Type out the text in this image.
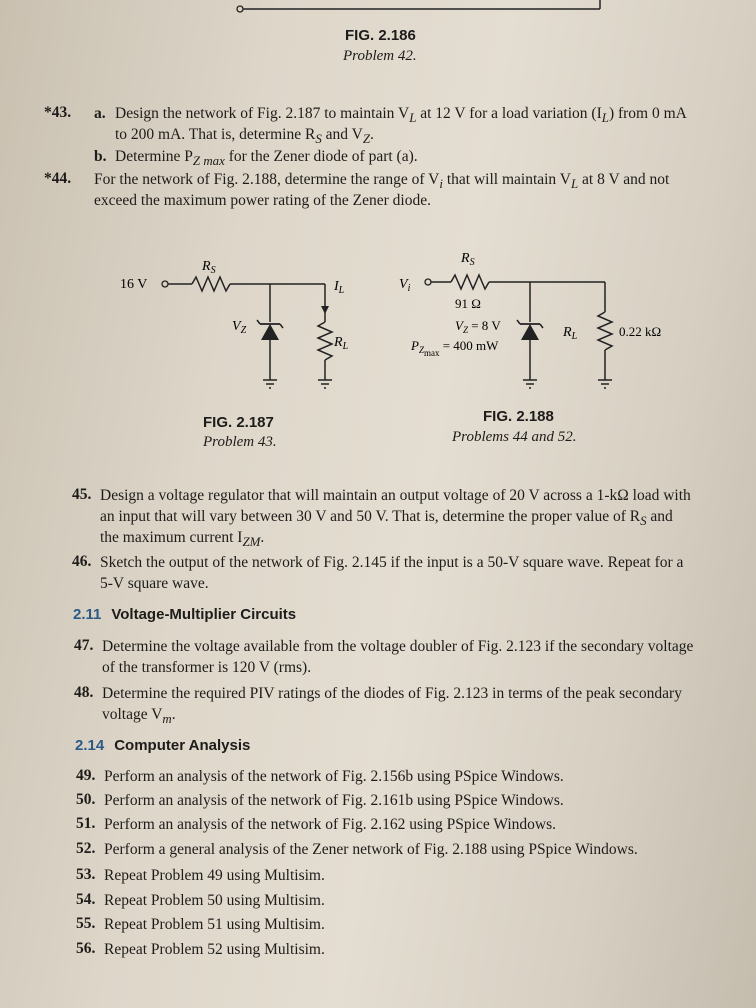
FIG. 2.186
Problem 42.
*43. a. Design the network of Fig. 2.187 to maintain $V_L$ at 12 V for a load variation $(I_L)$ from 0 mA
to 200 mA. That is, determine $R_S$ and $V_Z$.
b. Determine $P_{Z max}$ for the Zener diode of part (a).
*44. For the network of Fig. 2.188, determine the range of $V_i$ that will maintain $V_L$ at 8 V and not
exceed the maximum power rating of the Zener diode.
16 V
$R_S$
$V_Z$
$I_L$
$R_L$
$V_i$
$R_S$
91 Ω
$V_Z = 8$ V
$P_{Zmax} = 400$ mW
$R_L$	0.22 kΩ
FIG. 2.187
Problem 43.
FIG. 2.188
Problems 44 and 52.
45. Design a voltage regulator that will maintain an output voltage of 20 V across a 1-kΩ load with
an input that will vary between 30 V and 50 V. That is, determine the proper value of $R_S$ and
the maximum current $I_{ZM}$.
46. Sketch the output of the network of Fig. 2.145 if the input is a 50-V square wave. Repeat for a
5-V square wave.
2.11 Voltage-Multiplier Circuits
47. Determine the voltage available from the voltage doubler of Fig. 2.123 if the secondary voltage
of the transformer is 120 V (rms).
48. Determine the required PIV ratings of the diodes of Fig. 2.123 in terms of the peak secondary
voltage $V_m$.
2.14 Computer Analysis
49. Perform an analysis of the network of Fig. 2.156b using PSpice Windows.
50. Perform an analysis of the network of Fig. 2.161b using PSpice Windows.
51. Perform an analysis of the network of Fig. 2.162 using PSpice Windows.
52. Perform a general analysis of the Zener network of Fig. 2.188 using PSpice Windows.
53. Repeat Problem 49 using Multisim.
54. Repeat Problem 50 using Multisim.
55. Repeat Problem 51 using Multisim.
56. Repeat Problem 52 using Multisim.
